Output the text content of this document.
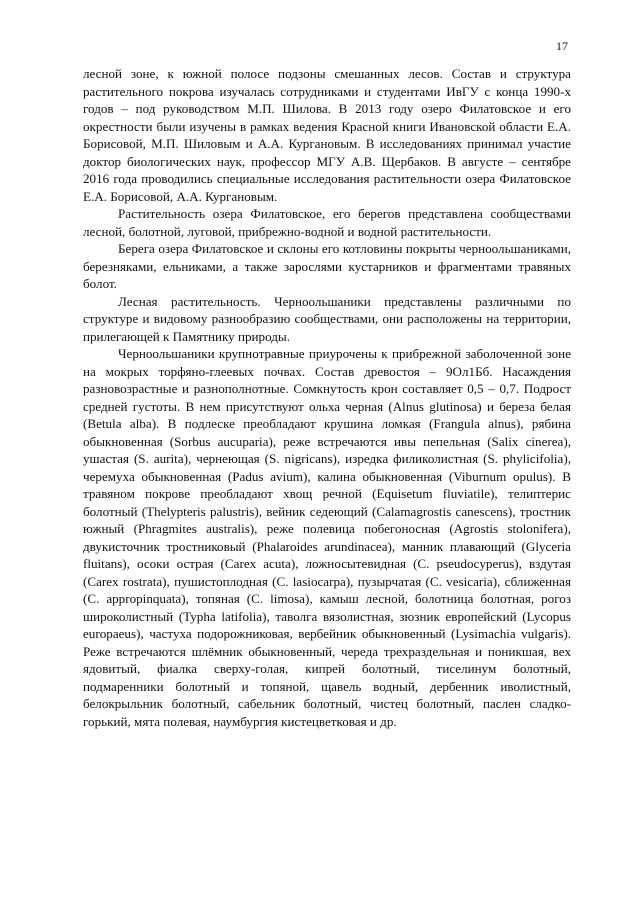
17

лесной зоне, к южной полосе подзоны смешанных лесов. Состав и структура растительного покрова изучалась сотрудниками и студентами ИвГУ с конца 1990-х годов – под руководством М.П. Шилова. В 2013 году озеро Филатовское и его окрестности были изучены в рамках ведения Красной книги Ивановской области Е.А. Борисовой, М.П. Шиловым и А.А. Кургановым. В исследованиях принимал участие доктор биологических наук, профессор МГУ А.В. Щербаков. В августе – сентябре 2016 года проводились специальные исследования растительности озера Филатовское Е.А. Борисовой, А.А. Кургановым.

Растительность озера Филатовское, его берегов представлена сообществами лесной, болотной, луговой, прибрежно-водной и водной растительности.

Берега озера Филатовское и склоны его котловины покрыты черноольшаниками, березняками, ельниками, а также зарослями кустарников и фрагментами травяных болот.

Лесная растительность. Черноольшаники представлены различными по структуре и видовому разнообразию сообществами, они расположены на территории, прилегающей к Памятнику природы.

Черноольшаники крупнотравные приурочены к прибрежной заболоченной зоне на мокрых торфяно-глеевых почвах. Состав древостоя – 9Ол1Бб. Насаждения разновозрастные и разнополнотные. Сомкнутость крон составляет 0,5 – 0,7. Подрост средней густоты. В нем присутствуют ольха черная (Alnus glutinosa) и береза белая (Betula alba). В подлеске преобладают крушина ломкая (Frangula alnus), рябина обыкновенная (Sorbus aucuparia), реже встречаются ивы пепельная (Salix cinerea), ушастая (S. aurita), чернеющая (S. nigricans), изредка филиколистная (S. phylicifolia), черемуха обыкновенная (Padus avium), калина обыкновенная (Viburnum opulus). В травяном покрове преобладают хвощ речной (Equisetum fluviatile), телиптерис болотный (Thelypteris palustris), вейник седеющий (Calamagrostis canescens), тростник южный (Phragmites australis), реже полевица побегоносная (Agrostis stolonifera), двукисточник тростниковый (Phalaroides arundinacea), манник плавающий (Glyceria fluitans), осоки острая (Carex acuta), ложносытевидная (C. pseudocyperus), вздутая (Carex rostrata), пушистоплодная (C. lasiocarpa), пузырчатая (C. vesicaria), сближенная (C. appropinquata), топяная (C. limosa), камыш лесной, болотница болотная, рогоз широколистный (Typha latifolia), таволга вязолистная, зюзник европейский (Lycopus europaeus), частуха подорожниковая, вербейник обыкновенный (Lysimachia vulgaris). Реже встречаются шлёмник обыкновенный, череда трехраздельная и поникшая, вех ядовитый, фиалка сверху-голая, кипрей болотный, тиселинум болотный, подмаренники болотный и топяной, щавель водный, дербенник иволистный, белокрыльник болотный, сабельник болотный, чистец болотный, паслен сладко-горький, мята полевая, наумбургия кистецветковая и др.
